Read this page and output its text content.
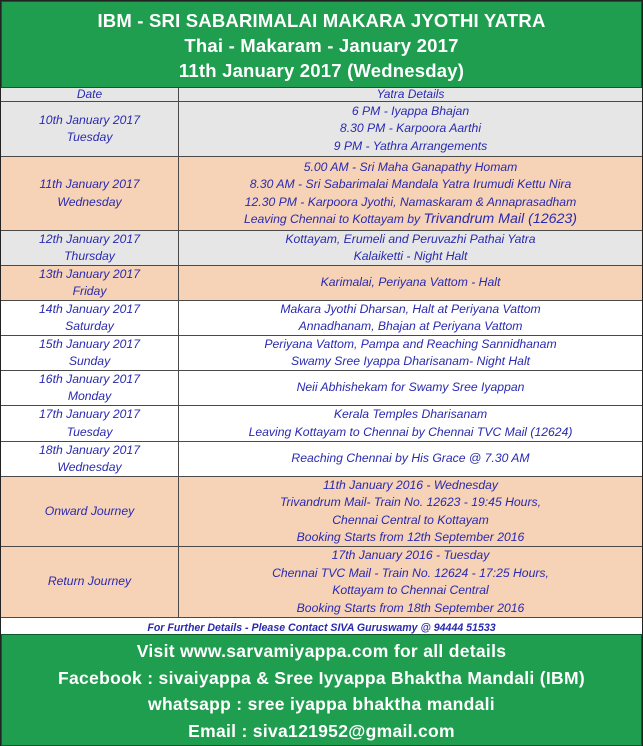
IBM - SRI SABARIMALAI MAKARA JYOTHI YATRA
Thai - Makaram - January 2017
11th January 2017 (Wednesday)
Date	Yatra Details
10th January 2017
Tuesday
6 PM - Iyappa Bhajan
8.30 PM - Karpoora Aarthi
9 PM - Yathra Arrangements
11th January 2017
Wednesday
5.00 AM - Sri Maha Ganapathy Homam
8.30 AM - Sri Sabarimalai Mandala Yatra Irumudi Kettu Nira
12.30 PM - Karpoora Jyothi, Namaskaram & Annaprasadham
Leaving Chennai to Kottayam by Trivandrum Mail (12623)
12th January 2017
Thursday
Kottayam, Erumeli and Peruvazhi Pathai Yatra
Kalaiketti - Night Halt
13th January 2017
Friday
Karimalai, Periyana Vattom - Halt
14th January 2017
Saturday
Makara Jyothi Dharsan, Halt at Periyana Vattom
Annadhanam, Bhajan at Periyana Vattom
15th January 2017
Sunday
Periyana Vattom, Pampa and Reaching Sannidhanam
Swamy Sree Iyappa Dharisanam- Night Halt
16th January 2017
Monday
Neii Abhishekam for Swamy Sree Iyappan
17th January 2017
Tuesday
Kerala Temples Dharisanam
Leaving Kottayam to Chennai by Chennai TVC Mail (12624)
18th January 2017
Wednesday
Reaching Chennai by His Grace @ 7.30 AM
Onward Journey
11th January 2016 - Wednesday
Trivandrum Mail- Train No. 12623 - 19:45 Hours,
Chennai Central to Kottayam
Booking Starts from 12th September 2016
Return Journey
17th January 2016 - Tuesday
Chennai TVC Mail - Train No. 12624 - 17:25 Hours,
Kottayam to Chennai Central
Booking Starts from 18th September 2016
For Further Details - Please Contact SIVA Guruswamy @ 94444 51533
Visit www.sarvamiyappa.com for all details
Facebook : sivaiyappa & Sree Iyyappa Bhaktha Mandali (IBM)
whatsapp : sree iyappa bhaktha mandali
Email : siva121952@gmail.com
